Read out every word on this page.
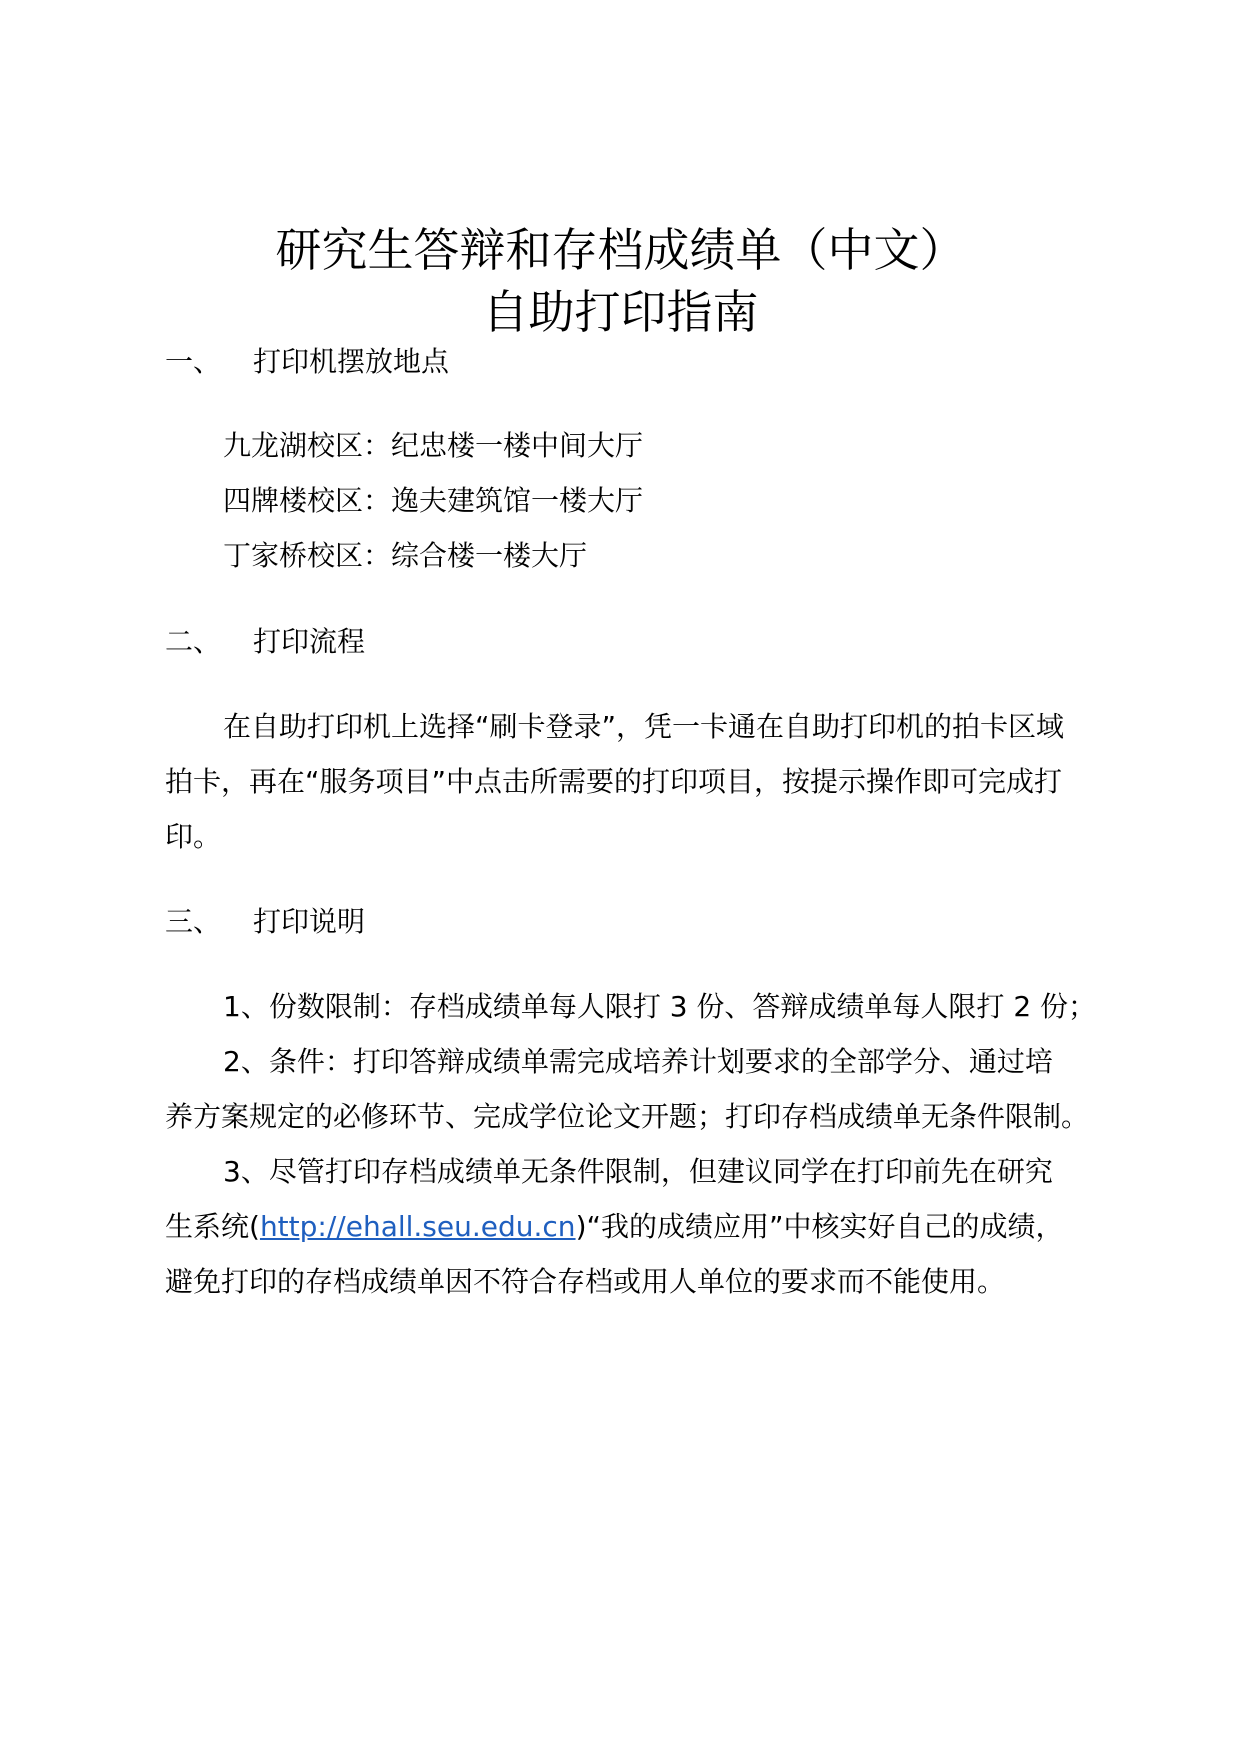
研究生答辩和存档成绩单（中文）
自助打印指南
一、 打印机摆放地点
九龙湖校区：纪忠楼一楼中间大厅
四牌楼校区：逸夫建筑馆一楼大厅
丁家桥校区：综合楼一楼大厅
二、 打印流程
在自助打印机上选择“刷卡登录”，凭一卡通在自助打印机的拍卡区域
拍卡，再在“服务项目”中点击所需要的打印项目，按提示操作即可完成打
印。
三、 打印说明
1、份数限制：存档成绩单每人限打 3 份、答辩成绩单每人限打 2 份；
2、条件：打印答辩成绩单需完成培养计划要求的全部学分、通过培
养方案规定的必修环节、完成学位论文开题；打印存档成绩单无条件限制。
3、尽管打印存档成绩单无条件限制，但建议同学在打印前先在研究
生系统(http://ehall.seu.edu.cn)“我的成绩应用”中核实好自己的成绩，
避免打印的存档成绩单因不符合存档或用人单位的要求而不能使用。
